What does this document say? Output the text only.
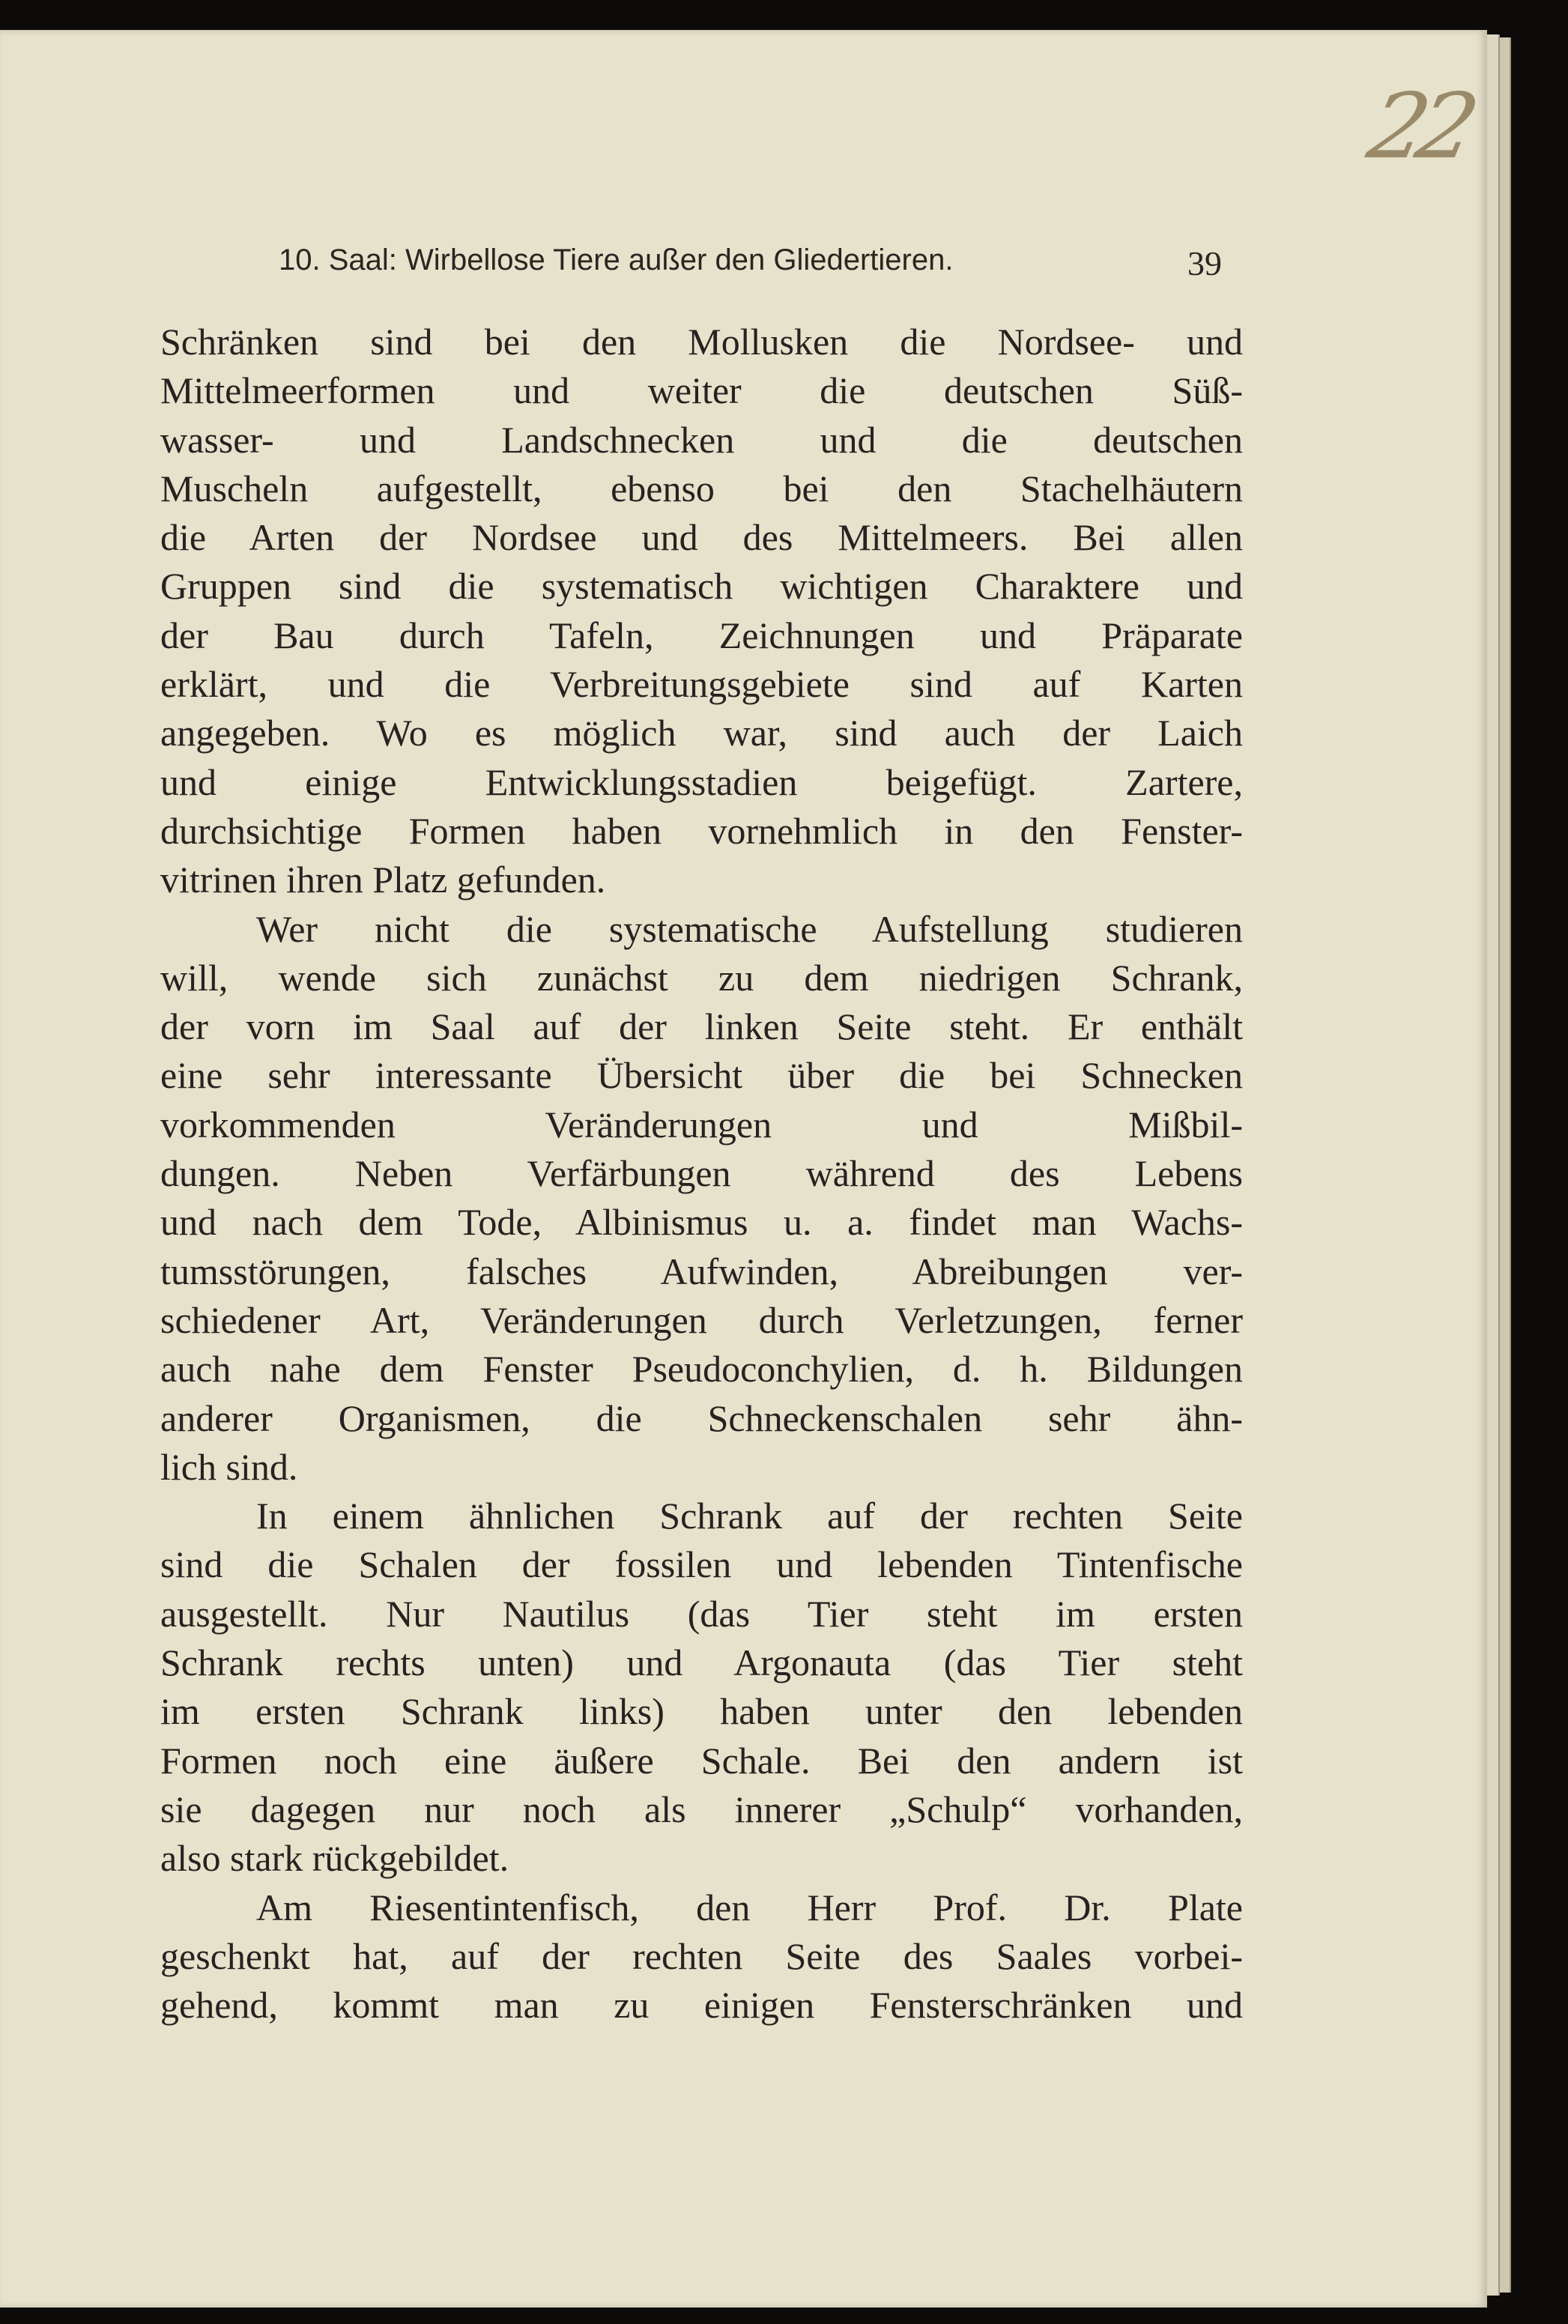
22
10. Saal: Wirbellose Tiere außer den Gliedertieren.	39
Schränken sind bei den Mollusken die Nordsee- und
Mittelmeerformen und weiter die deutschen Süß-
wasser- und Landschnecken und die deutschen
Muscheln aufgestellt, ebenso bei den Stachelhäutern
die Arten der Nordsee und des Mittelmeers. Bei allen
Gruppen sind die systematisch wichtigen Charaktere und
der Bau durch Tafeln, Zeichnungen und Präparate
erklärt, und die Verbreitungsgebiete sind auf Karten
angegeben. Wo es möglich war, sind auch der Laich
und einige Entwicklungsstadien beigefügt. Zartere,
durchsichtige Formen haben vornehmlich in den Fenster-
vitrinen ihren Platz gefunden.
Wer nicht die systematische Aufstellung studieren
will, wende sich zunächst zu dem niedrigen Schrank,
der vorn im Saal auf der linken Seite steht. Er enthält
eine sehr interessante Übersicht über die bei Schnecken
vorkommenden Veränderungen und Mißbil-
dungen. Neben Verfärbungen während des Lebens
und nach dem Tode, Albinismus u. a. findet man Wachs-
tumsstörungen, falsches Aufwinden, Abreibungen ver-
schiedener Art, Veränderungen durch Verletzungen, ferner
auch nahe dem Fenster Pseudoconchylien, d. h. Bildungen
anderer Organismen, die Schneckenschalen sehr ähn-
lich sind.
In einem ähnlichen Schrank auf der rechten Seite
sind die Schalen der fossilen und lebenden Tintenfische
ausgestellt. Nur Nautilus (das Tier steht im ersten
Schrank rechts unten) und Argonauta (das Tier steht
im ersten Schrank links) haben unter den lebenden
Formen noch eine äußere Schale. Bei den andern ist
sie dagegen nur noch als innerer „Schulp“ vorhanden,
also stark rückgebildet.
Am Riesentintenfisch, den Herr Prof. Dr. Plate
geschenkt hat, auf der rechten Seite des Saales vorbei-
gehend, kommt man zu einigen Fensterschränken und
